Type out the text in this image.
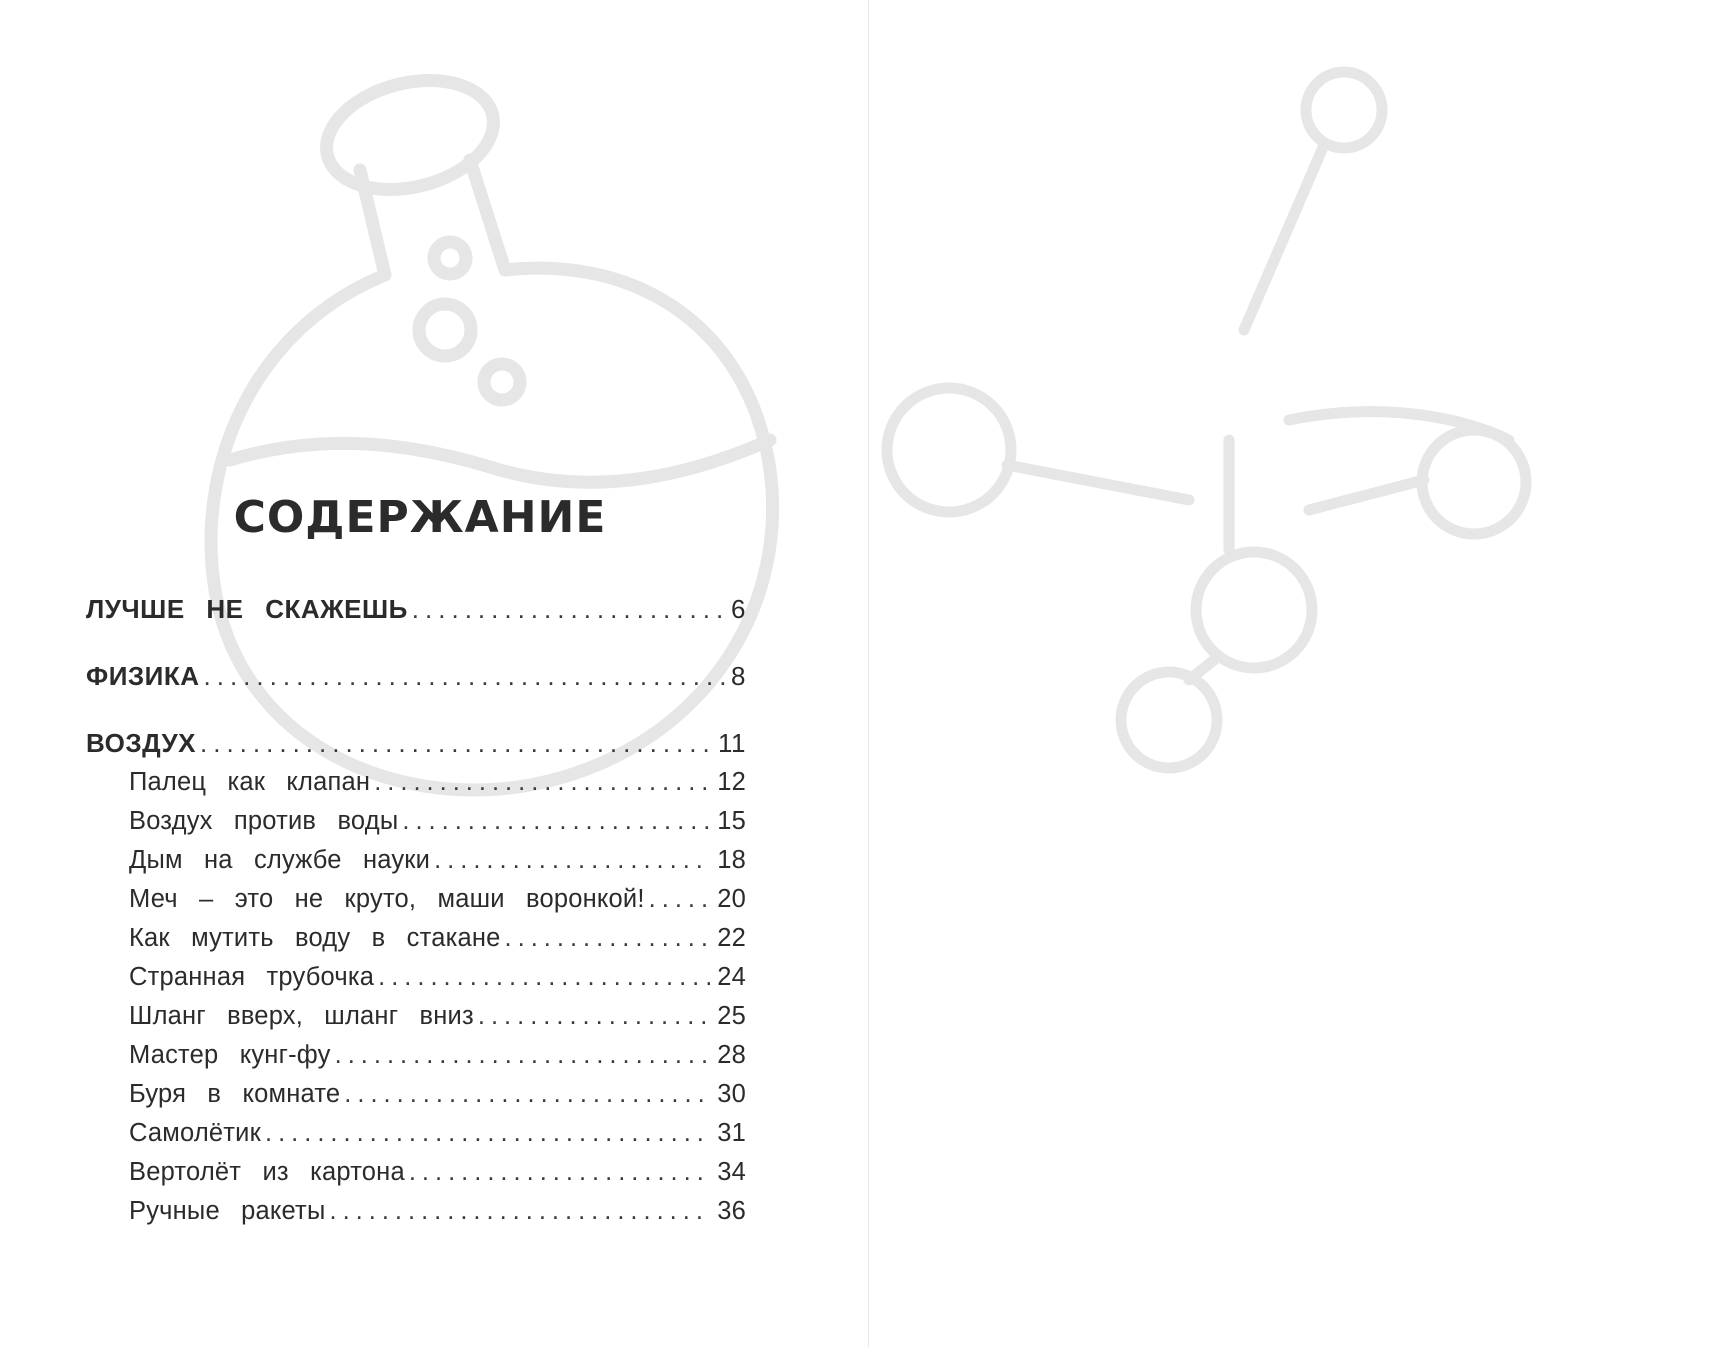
СОДЕРЖАНИЕ
ЛУЧШЕ НЕ СКАЖЕШЬ .....	6
ФИЗИКА .....	8
ВОЗДУХ .....	11
Палец как клапан .....	12
Воздух против воды .....	15
Дым на службе науки .....	18
Меч – это не круто, маши воронкой! .....	20
Как мутить воду в стакане .....	22
Странная трубочка .....	24
Шланг вверх, шланг вниз .....	25
Мастер кунг-фу .....	28
Буря в комнате .....	30
Самолётик .....	31
Вертолёт из картона .....	34
Ручные ракеты .....	36
